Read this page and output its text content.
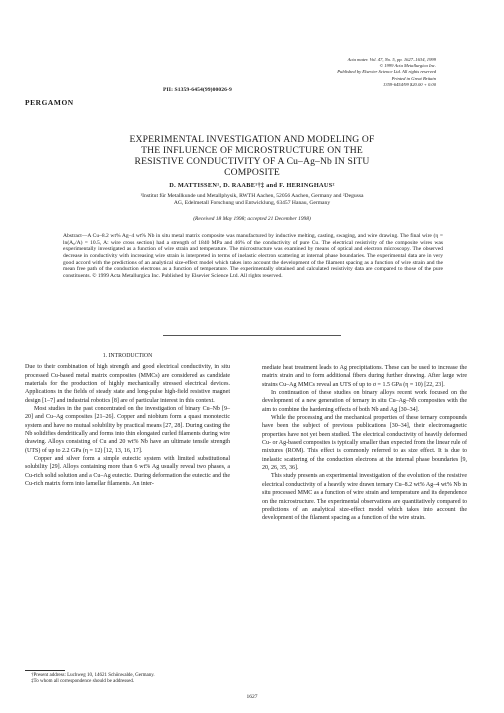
Acta mater. Vol. 47, No. 5, pp. 1627–1634, 1999
© 1999 Acta Metallurgica Inc.
Published by Elsevier Science Ltd. All rights reserved
Printed in Great Britain
1359-6454/99 $20.00 + 0.00
PII: S1359-6454(99)00026-9
PERGAMON
EXPERIMENTAL INVESTIGATION AND MODELING OF
THE INFLUENCE OF MICROSTRUCTURE ON THE
RESISTIVE CONDUCTIVITY OF A Cu–Ag–Nb IN SITU
COMPOSITE
D. MATTISSEN¹, D. RAABE¹†‡ and F. HERINGHAUS²
¹Institut für Metallkunde und Metallphysik, RWTH Aachen, 52056 Aachen, Germany and ²Degussa
AG, Edelmetall Forschung und Entwicklung, 63457 Hanau, Germany
(Received 18 May 1998; accepted 21 December 1998)
Abstract—A Cu–8.2 wt% Ag–4 wt% Nb in situ metal matrix composite was manufactured by inductive melting, casting, swaging, and wire drawing. The final wire (η = ln(A₀/A) = 10.5, A: wire cross section) had a strength of 1840 MPa and 46% of the conductivity of pure Cu. The electrical resistivity of the composite wires was experimentally investigated as a function of wire strain and temperature. The microstructure was examined by means of optical and electron microscopy. The observed decrease in conductivity with increasing wire strain is interpreted in terms of inelastic electron scattering at internal phase boundaries. The experimental data are in very good accord with the predictions of an analytical size-effect model which takes into account the development of the filament spacing as a function of wire strain and the mean free path of the conduction electrons as a function of temperature. The experimentally obtained and calculated resistivity data are compared to those of the pure constituents. © 1999 Acta Metallurgica Inc. Published by Elsevier Science Ltd. All rights reserved.
1. INTRODUCTION

Due to their combination of high strength and good electrical conductivity, in situ processed Cu-based metal matrix composites (MMCs) are considered as candidate materials for the production of highly mechanically stressed electrical devices. Applications in the fields of steady state and long-pulse high-field resistive magnet design [1–7] and industrial robotics [8] are of particular interest in this context.

Most studies in the past concentrated on the investigation of binary Cu–Nb [9–20] and Cu–Ag composites [21–26]. Copper and niobium form a quasi monotectic system and have no mutual solubility by practical means [27, 28]. During casting the Nb solidifies dendritically and forms into thin elongated curled filaments during wire drawing. Alloys consisting of Cu and 20 wt% Nb have an ultimate tensile strength (UTS) of up to 2.2 GPa (η = 12) [12, 13, 16, 17].

Copper and silver form a simple eutectic system with limited substitutional solubility [29]. Alloys containing more than 6 wt% Ag usually reveal two phases, a Cu-rich solid solution and a Cu–Ag eutectic. During deformation the eutectic and the Cu-rich matrix form into lamellar filaments. An inter-

mediate heat treatment leads to Ag precipitations. These can be used to increase the matrix strain and to form additional fibers during further drawing. After large wire strains Cu–Ag MMCs reveal an UTS of up to σ = 1.5 GPa (η = 10) [22, 23].

In continuation of these studies on binary alloys recent work focused on the development of a new generation of ternary in situ Cu–Ag–Nb composites with the aim to combine the hardening effects of both Nb and Ag [30–34].

While the processing and the mechanical properties of these ternary compounds have been the subject of previous publications [30–34], their electromagnetic properties have not yet been studied. The electrical conductivity of heavily deformed Cu- or Ag-based composites is typically smaller than expected from the linear rule of mixtures (ROM). This effect is commonly referred to as size effect. It is due to inelastic scattering of the conduction electrons at the internal phase boundaries [9, 20, 26, 35, 36].

This study presents an experimental investigation of the evolution of the resistive electrical conductivity of a heavily wire drawn ternary Cu–8.2 wt% Ag–4 wt% Nb in situ processed MMC as a function of wire strain and temperature and its dependence on the microstructure. The experimental observations are quantitatively compared to predictions of an analytical size-effect model which takes into account the development of the filament spacing as a function of the wire strain.

†Present address: Luchweg 10, 14621 Schönwalde, Germany.

‡To whom all correspondence should be addressed.

1627
